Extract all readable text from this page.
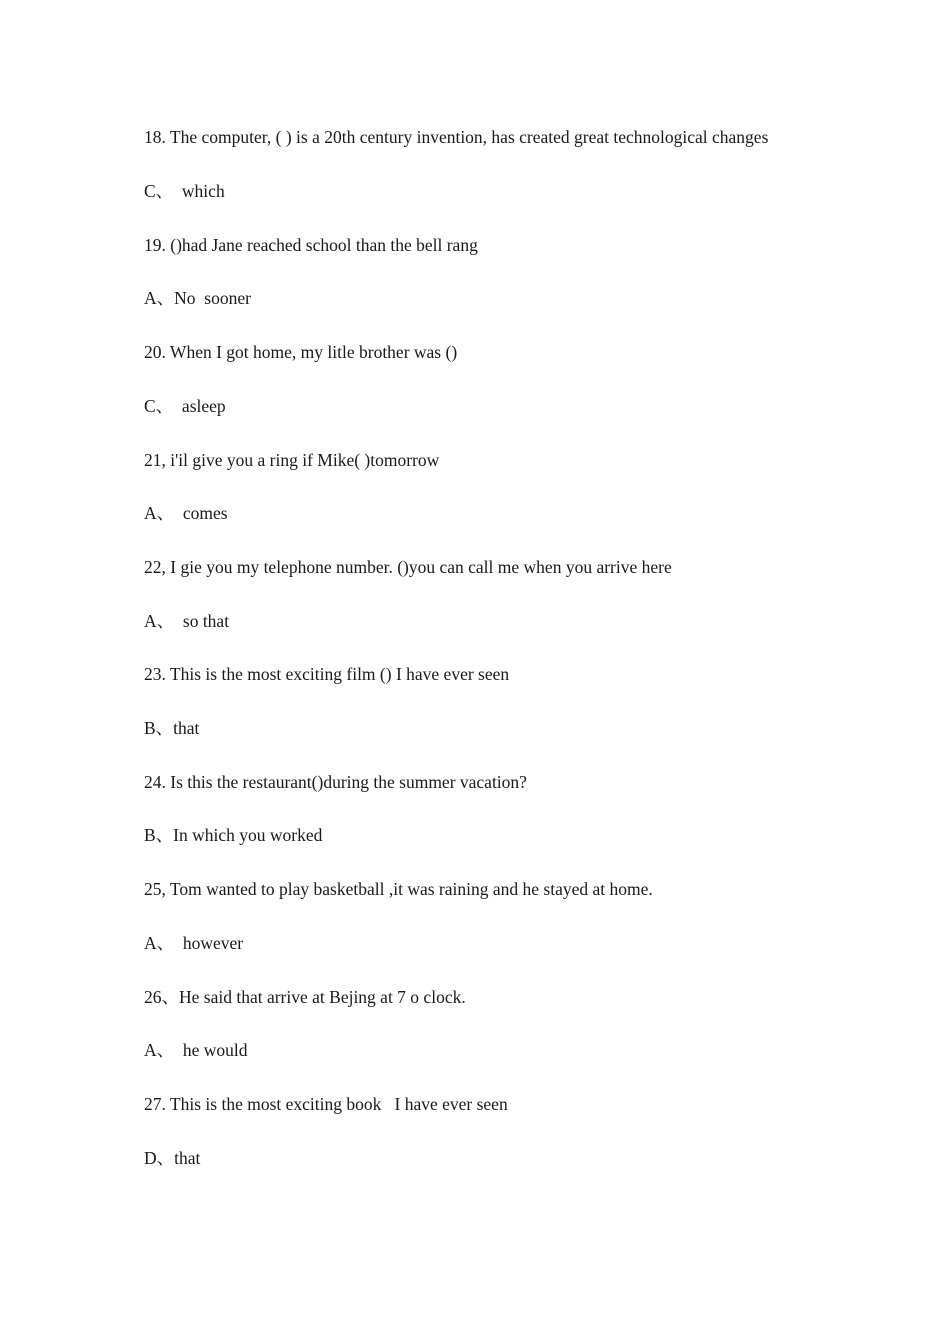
18. The computer, ( ) is a 20th century invention, has created great technological changes
C、  which
19. ()had Jane reached school than the bell rang
A、No  sooner
20. When I got home, my litle brother was ()
C、  asleep
21, i'il give you a ring if Mike( )tomorrow
A、  comes
22, I gie you my telephone number. ()you can call me when you arrive here
A、  so that
23. This is the most exciting film () I have ever seen
B、that
24. Is this the restaurant()during the summer vacation?
B、In which you worked
25, Tom wanted to play basketball ,it was raining and he stayed at home.
A、  however
26、He said that arrive at Bejing at 7 o clock.
A、  he would
27. This is the most exciting book   I have ever seen
D、that
